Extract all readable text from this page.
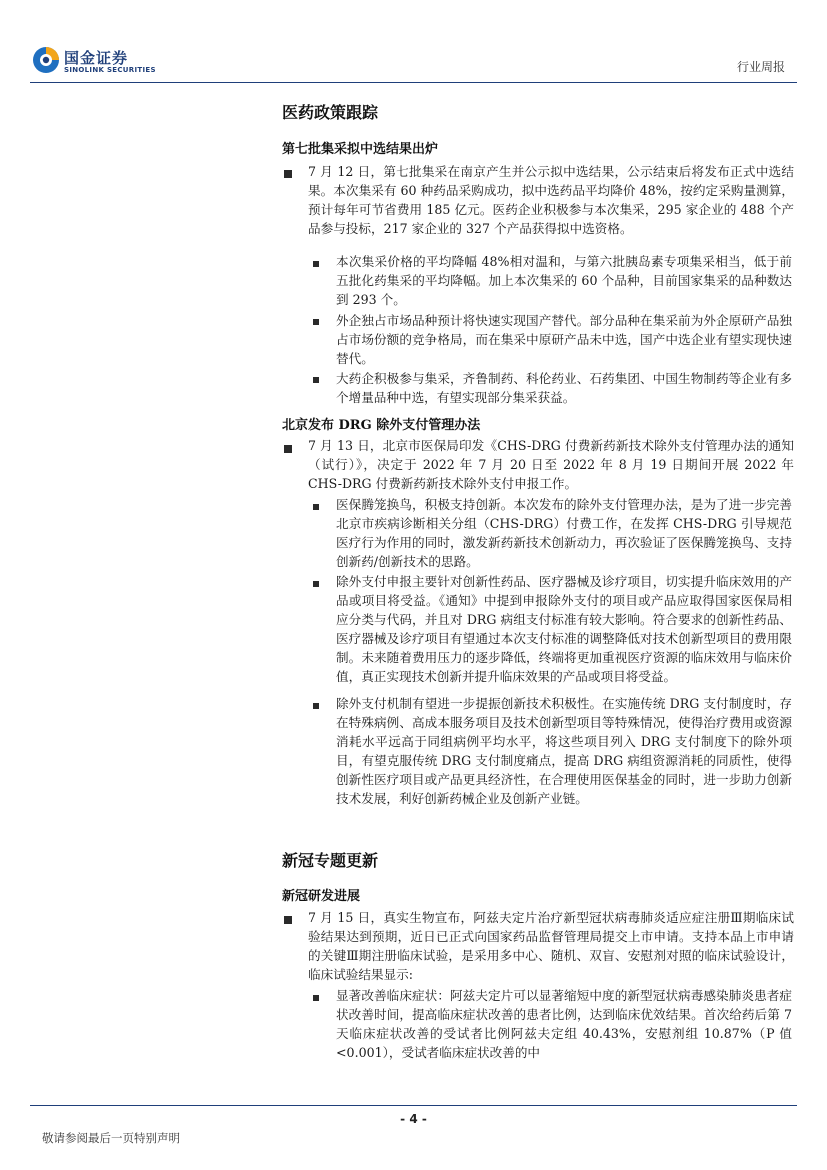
国金证券
SINOLINK SECURITIES	行业周报
医药政策跟踪
第七批集采拟中选结果出炉
7 月 12 日，第七批集采在南京产生并公示拟中选结果，公示结束后将发布正式中选结果。本次集采有 60 种药品采购成功，拟中选药品平均降价 48%，按约定采购量测算，预计每年可节省费用 185 亿元。医药企业积极参与本次集采，295 家企业的 488 个产品参与投标，217 家企业的 327 个产品获得拟中选资格。
本次集采价格的平均降幅 48%相对温和，与第六批胰岛素专项集采相当，低于前五批化药集采的平均降幅。加上本次集采的 60 个品种，目前国家集采的品种数达到 293 个。
外企独占市场品种预计将快速实现国产替代。部分品种在集采前为外企原研产品独占市场份额的竞争格局，而在集采中原研产品未中选，国产中选企业有望实现快速替代。
大药企积极参与集采，齐鲁制药、科伦药业、石药集团、中国生物制药等企业有多个增量品种中选，有望实现部分集采获益。
北京发布 DRG 除外支付管理办法
7 月 13 日，北京市医保局印发《CHS-DRG 付费新药新技术除外支付管理办法的通知（试行）》，决定于 2022 年 7 月 20 日至 2022 年 8 月 19 日期间开展 2022 年 CHS-DRG 付费新药新技术除外支付申报工作。
医保腾笼换鸟，积极支持创新。本次发布的除外支付管理办法，是为了进一步完善北京市疾病诊断相关分组（CHS-DRG）付费工作，在发挥 CHS-DRG 引导规范医疗行为作用的同时，激发新药新技术创新动力，再次验证了医保腾笼换鸟、支持创新药/创新技术的思路。
除外支付申报主要针对创新性药品、医疗器械及诊疗项目，切实提升临床效用的产品或项目将受益。《通知》中提到申报除外支付的项目或产品应取得国家医保局相应分类与代码，并且对 DRG 病组支付标准有较大影响。符合要求的创新性药品、医疗器械及诊疗项目有望通过本次支付标准的调整降低对技术创新型项目的费用限制。未来随着费用压力的逐步降低，终端将更加重视医疗资源的临床效用与临床价值，真正实现技术创新并提升临床效果的产品或项目将受益。
除外支付机制有望进一步提振创新技术积极性。在实施传统 DRG 支付制度时，存在特殊病例、高成本服务项目及技术创新型项目等特殊情况，使得治疗费用或资源消耗水平远高于同组病例平均水平，将这些项目列入 DRG 支付制度下的除外项目，有望克服传统 DRG 支付制度痛点，提高 DRG 病组资源消耗的同质性，使得创新性医疗项目或产品更具经济性，在合理使用医保基金的同时，进一步助力创新技术发展，利好创新药械企业及创新产业链。
新冠专题更新
新冠研发进展
7 月 15 日，真实生物宣布，阿兹夫定片治疗新型冠状病毒肺炎适应症注册Ⅲ期临床试验结果达到预期，近日已正式向国家药品监督管理局提交上市申请。支持本品上市申请的关键Ⅲ期注册临床试验，是采用多中心、随机、双盲、安慰剂对照的临床试验设计，临床试验结果显示:
显著改善临床症状：阿兹夫定片可以显著缩短中度的新型冠状病毒感染肺炎患者症状改善时间，提高临床症状改善的患者比例，达到临床优效结果。首次给药后第 7 天临床症状改善的受试者比例阿兹夫定组 40.43%，安慰剂组 10.87%（P 值<0.001），受试者临床症状改善的中
- 4 -
敬请参阅最后一页特别声明
